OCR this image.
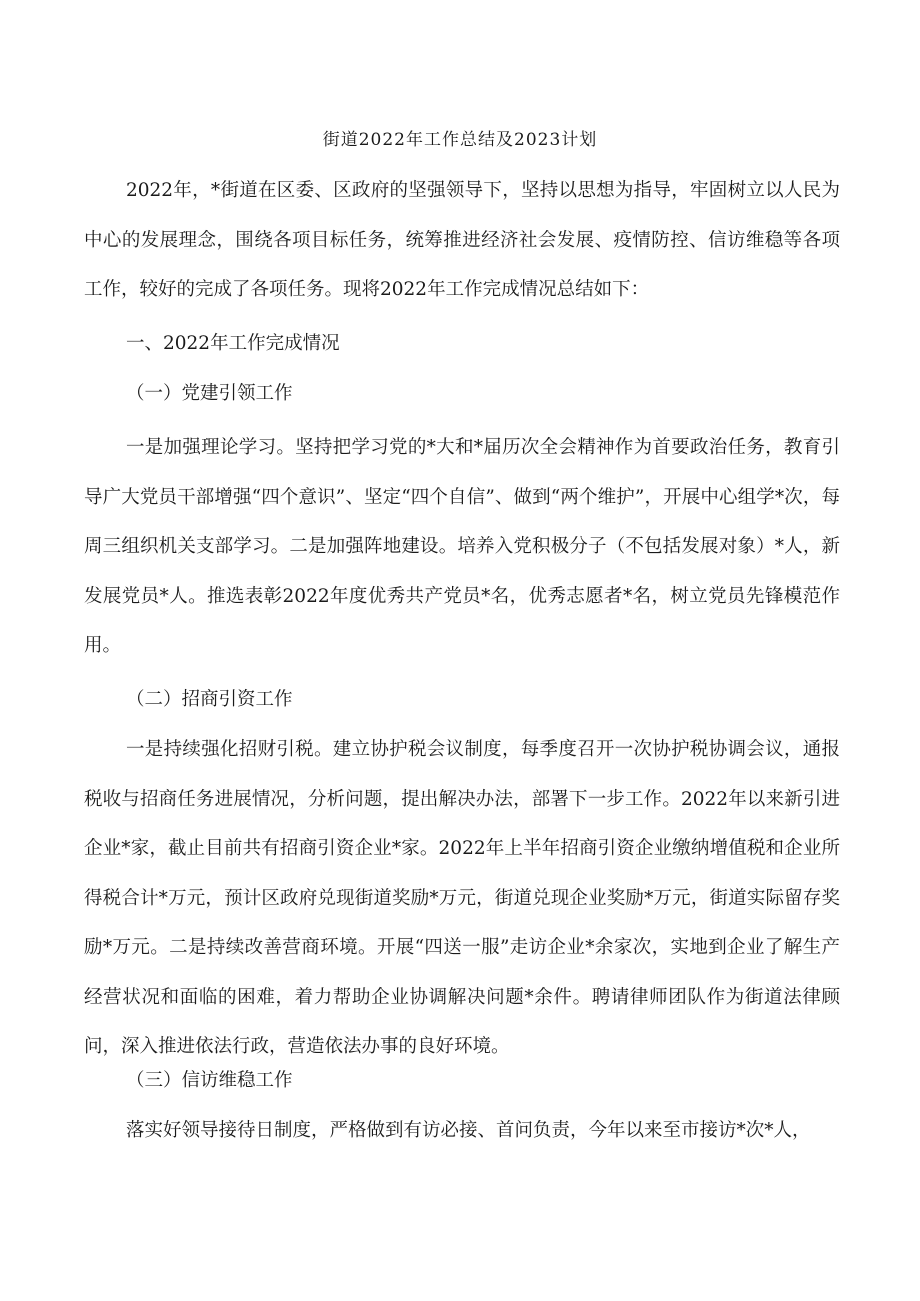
街道2022年工作总结及2023计划

2022年，*街道在区委、区政府的坚强领导下，坚持以思想为指导，牢固树立以人民为中心的发展理念，围绕各项目标任务，统筹推进经济社会发展、疫情防控、信访维稳等各项工作，较好的完成了各项任务。现将2022年工作完成情况总结如下：

一、2022年工作完成情况

（一）党建引领工作

一是加强理论学习。坚持把学习党的*大和*届历次全会精神作为首要政治任务，教育引导广大党员干部增强“四个意识”、坚定“四个自信”、做到“两个维护”，开展中心组学*次，每周三组织机关支部学习。二是加强阵地建设。培养入党积极分子（不包括发展对象）*人，新发展党员*人。推选表彰2022年度优秀共产党员*名，优秀志愿者*名，树立党员先锋模范作用。

（二）招商引资工作

一是持续强化招财引税。建立协护税会议制度，每季度召开一次协护税协调会议，通报税收与招商任务进展情况，分析问题，提出解决办法，部署下一步工作。2022年以来新引进企业*家，截止目前共有招商引资企业*家。2022年上半年招商引资企业缴纳增值税和企业所得税合计*万元，预计区政府兑现街道奖励*万元，街道兑现企业奖励*万元，街道实际留存奖励*万元。二是持续改善营商环境。开展“四送一服”走访企业*余家次，实地到企业了解生产经营状况和面临的困难，着力帮助企业协调解决问题*余件。聘请律师团队作为街道法律顾问，深入推进依法行政，营造依法办事的良好环境。

（三）信访维稳工作

落实好领导接待日制度，严格做到有访必接、首问负责，今年以来至市接访*次*人，
